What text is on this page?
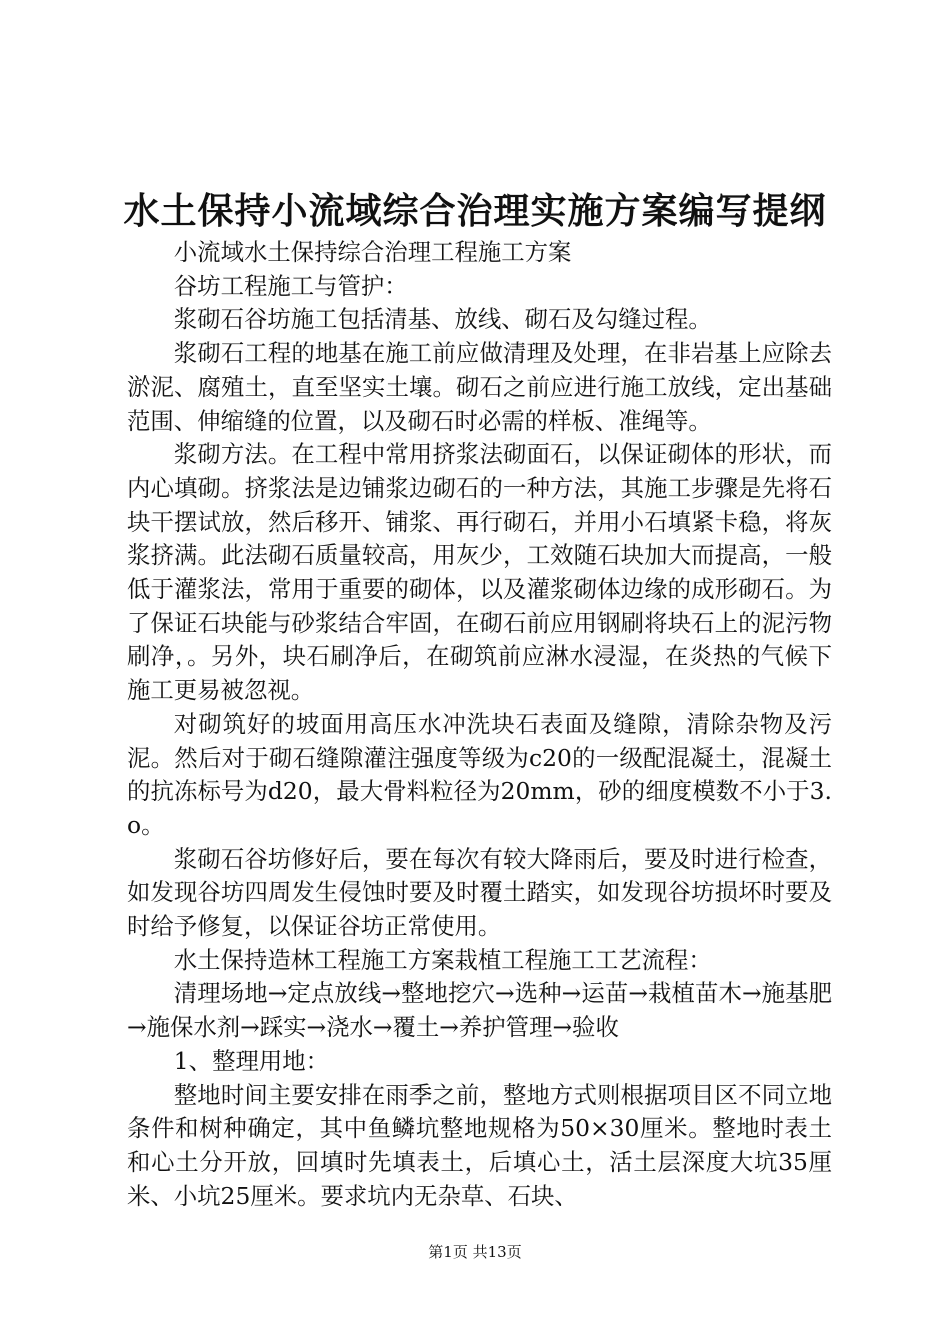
水土保持小流域综合治理实施方案编写提纲

小流域水土保持综合治理工程施工方案

谷坊工程施工与管护：

浆砌石谷坊施工包括清基、放线、砌石及勾缝过程。

浆砌石工程的地基在施工前应做清理及处理，在非岩基上应除去淤泥、腐殖土，直至坚实土壤。砌石之前应进行施工放线，定出基础范围、伸缩缝的位置，以及砌石时必需的样板、准绳等。

浆砌方法。在工程中常用挤浆法砌面石，以保证砌体的形状，而内心填砌。挤浆法是边铺浆边砌石的一种方法，其施工步骤是先将石块干摆试放，然后移开、铺浆、再行砌石，并用小石填紧卡稳，将灰浆挤满。此法砌石质量较高，用灰少，工效随石块加大而提高，一般低于灌浆法，常用于重要的砌体，以及灌浆砌体边缘的成形砌石。为了保证石块能与砂浆结合牢固，在砌石前应用钢刷将块石上的泥污物刷净，。另外，块石刷净后，在砌筑前应淋水浸湿，在炎热的气候下施工更易被忽视。

对砌筑好的坡面用高压水冲洗块石表面及缝隙，清除杂物及污泥。然后对于砌石缝隙灌注强度等级为c20的一级配混凝土，混凝土的抗冻标号为d20，最大骨料粒径为20mm，砂的细度模数不小于3.o。

浆砌石谷坊修好后，要在每次有较大降雨后，要及时进行检查，如发现谷坊四周发生侵蚀时要及时覆土踏实，如发现谷坊损坏时要及时给予修复，以保证谷坊正常使用。

水土保持造林工程施工方案栽植工程施工工艺流程：

清理场地→定点放线→整地挖穴→选种→运苗→栽植苗木→施基肥→施保水剂→踩实→浇水→覆土→养护管理→验收

1、整理用地：

整地时间主要安排在雨季之前，整地方式则根据项目区不同立地条件和树种确定，其中鱼鳞坑整地规格为50×30厘米。整地时表土和心土分开放，回填时先填表土，后填心土，活土层深度大坑35厘米、小坑25厘米。要求坑内无杂草、石块、

第1页 共13页
